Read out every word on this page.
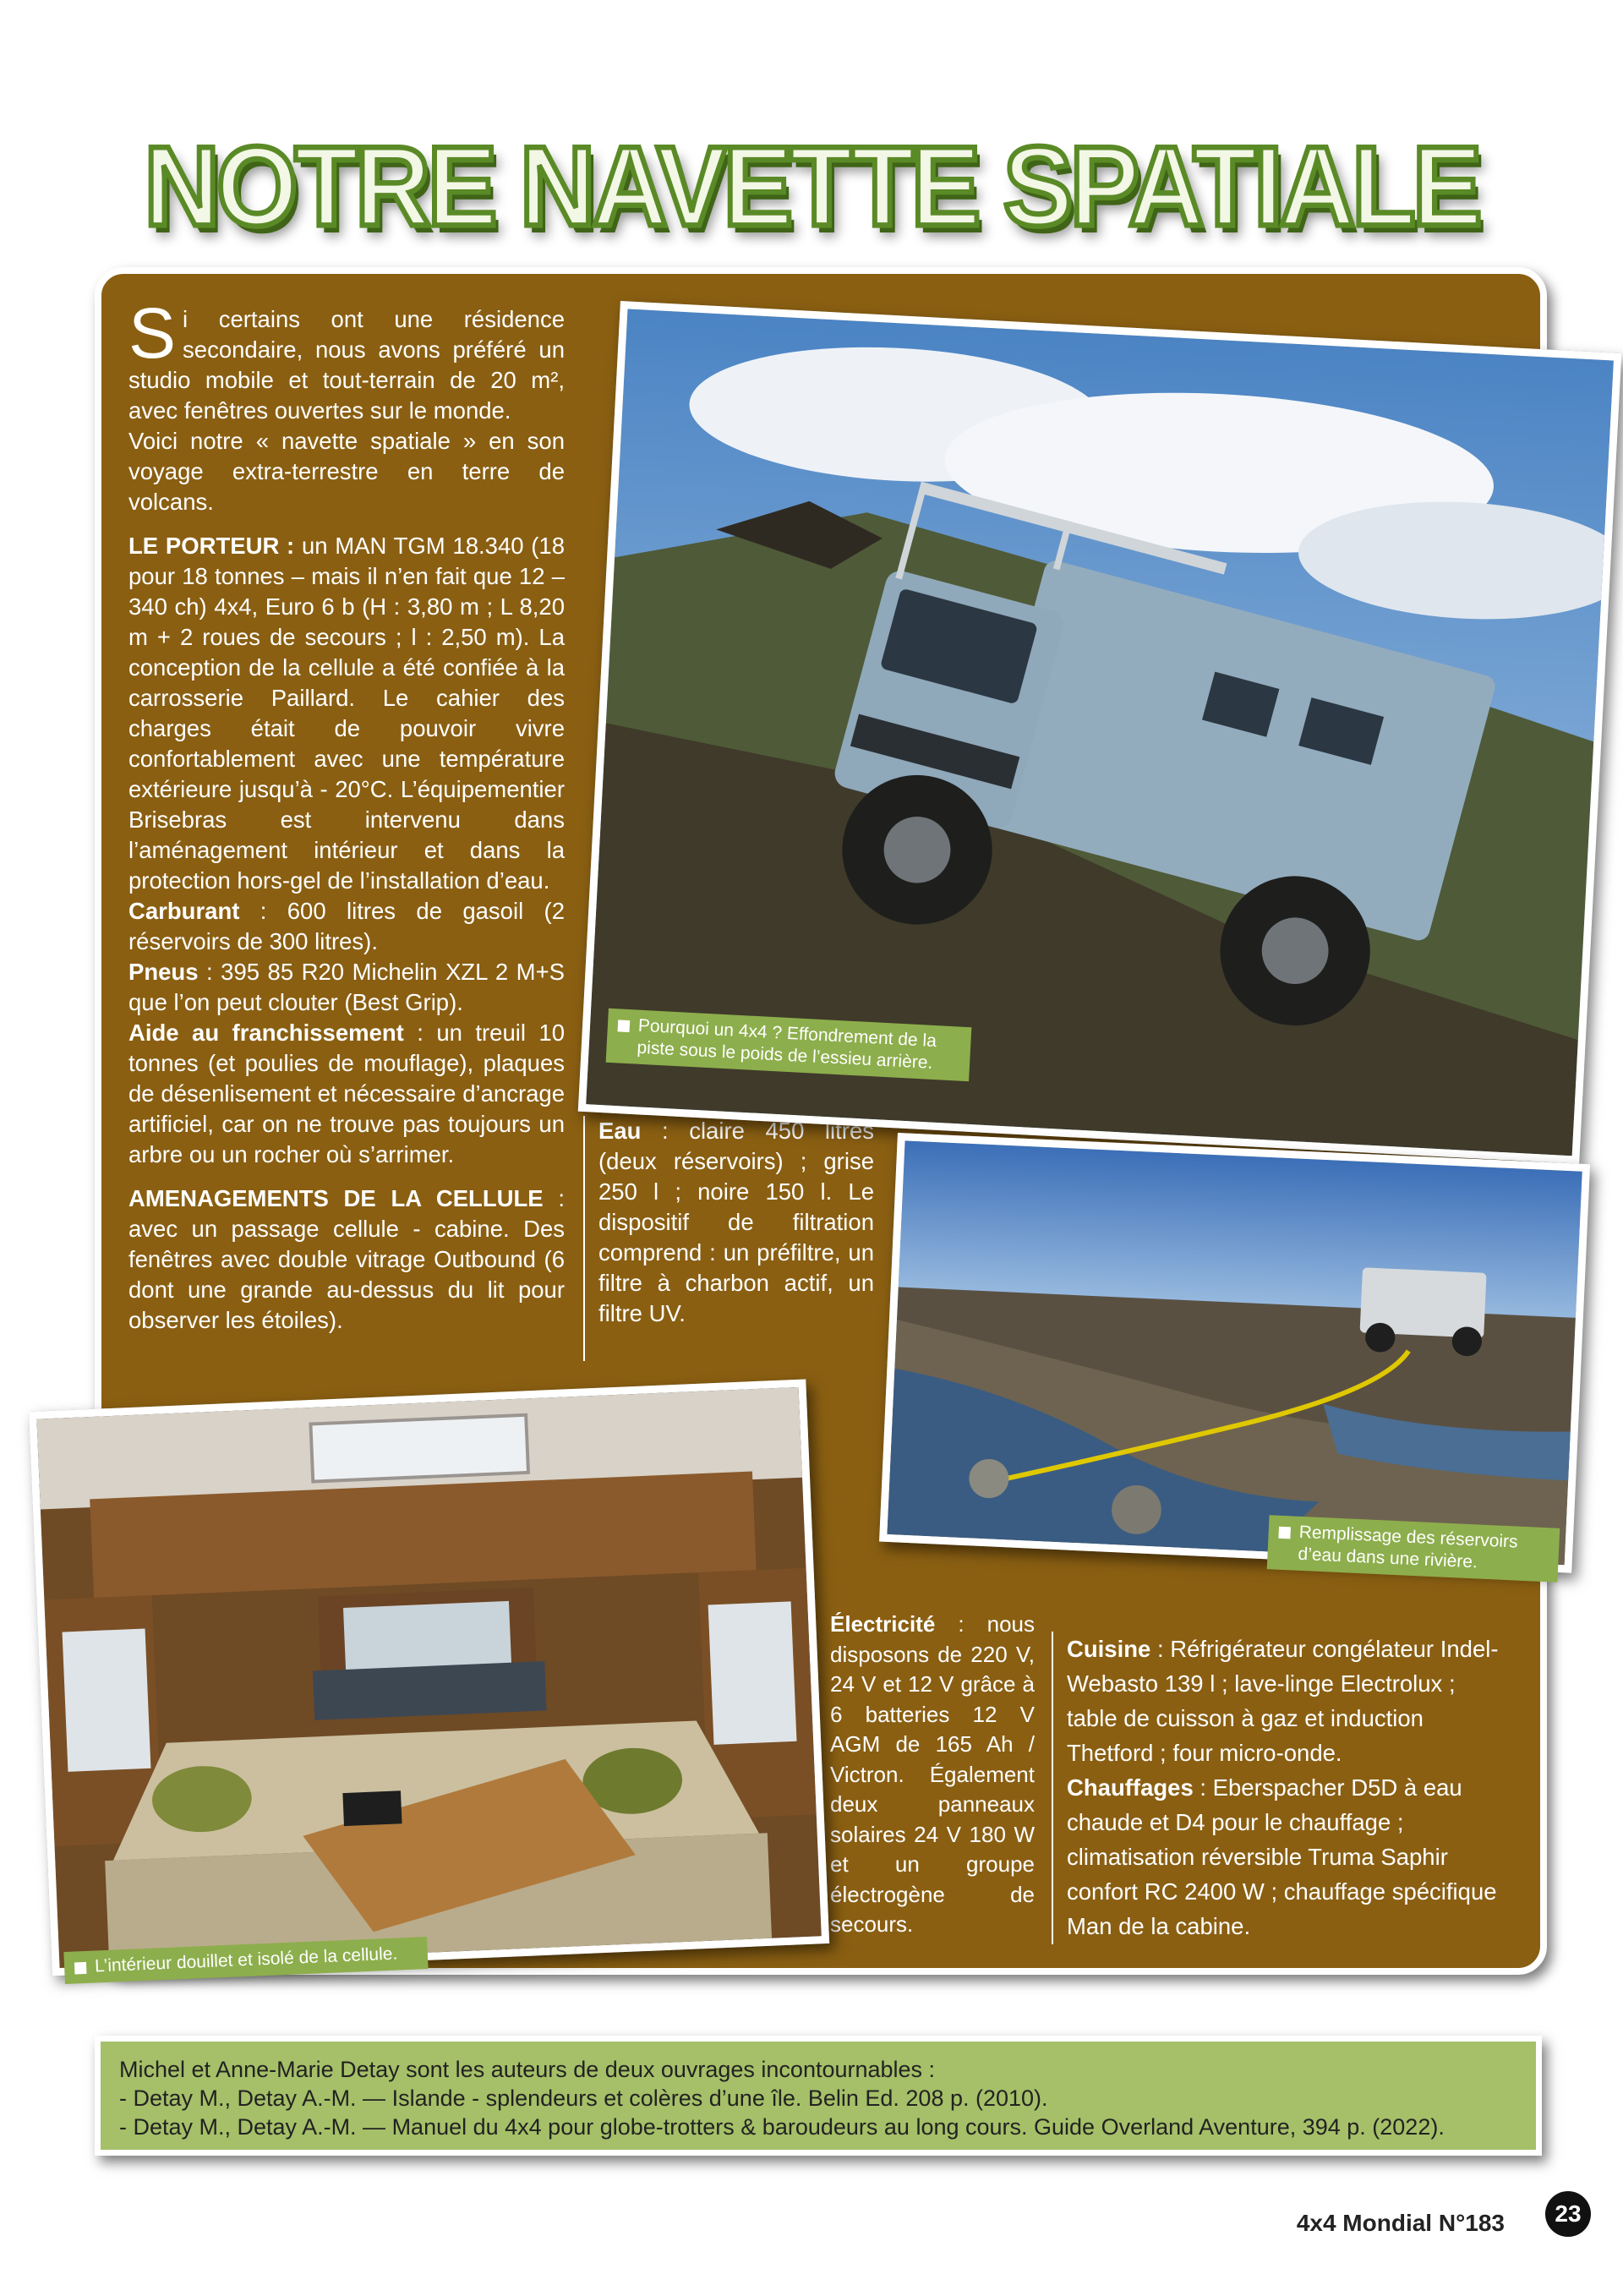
NOTRE NAVETTE SPATIALE

Si certains ont une résidence secondaire, nous avons préféré un studio mobile et tout-terrain de 20 m², avec fenêtres ouvertes sur le monde.
Voici notre « navette spatiale » en son voyage extra-terrestre en terre de volcans.

LE PORTEUR : un MAN TGM 18.340 (18 pour 18 tonnes – mais il n’en fait que 12 – 340 ch) 4x4, Euro 6 b (H : 3,80 m ; L 8,20 m + 2 roues de secours ; l : 2,50 m). La conception de la cellule a été confiée à la carrosserie Paillard. Le cahier des charges était de pouvoir vivre confortablement avec une température extérieure jusqu’à - 20°C. L’équipementier Brisebras est intervenu dans l’aménagement intérieur et dans la protection hors-gel de l’installation d’eau.

Carburant : 600 litres de gasoil (2 réservoirs de 300 litres).

Pneus : 395 85 R20 Michelin XZL 2 M+S que l’on peut clouter (Best Grip).

Aide au franchissement : un treuil 10 tonnes (et poulies de mouflage), plaques de désenlisement et nécessaire d’ancrage artificiel, car on ne trouve pas toujours un arbre ou un rocher où s’arrimer.

AMENAGEMENTS DE LA CELLULE : avec un passage cellule - cabine. Des fenêtres avec double vitrage Outbound (6 dont une grande au-dessus du lit pour observer les étoiles).

Eau : claire 450 litres (deux réservoirs) ; grise 250 l ; noire 150 l. Le dispositif de filtration comprend : un préfiltre, un filtre à charbon actif, un filtre UV.

Électricité : nous disposons de 220 V, 24 V et 12 V grâce à 6 batteries 12 V AGM de 165 Ah / Victron. Également deux panneaux solaires 24 V 180 W et un groupe électrogène de secours.

Cuisine : Réfrigérateur congélateur Indel-Webasto 139 l ; lave-linge Electrolux ; table de cuisson à gaz et induction Thetford ; four micro-onde.

Chauffages : Eberspacher D5D à eau chaude et D4 pour le chauffage ; climatisation réversible Truma Saphir confort RC 2400 W ; chauffage spécifique Man de la cabine.

Pourquoi un 4x4 ? Effondrement de la piste sous le poids de l’essieu arrière.
Remplissage des réservoirs d’eau dans une rivière.
L’intérieur douillet et isolé de la cellule.
Michel et Anne-Marie Detay sont les auteurs de deux ouvrages incontournables :
- Detay M., Detay A.-M. — Islande - splendeurs et colères d’une île. Belin Ed. 208 p. (2010).
- Detay M., Detay A.-M. — Manuel du 4x4 pour globe-trotters & baroudeurs au long cours. Guide Overland Aventure, 394 p. (2022).
4x4 Mondial N°183	23
